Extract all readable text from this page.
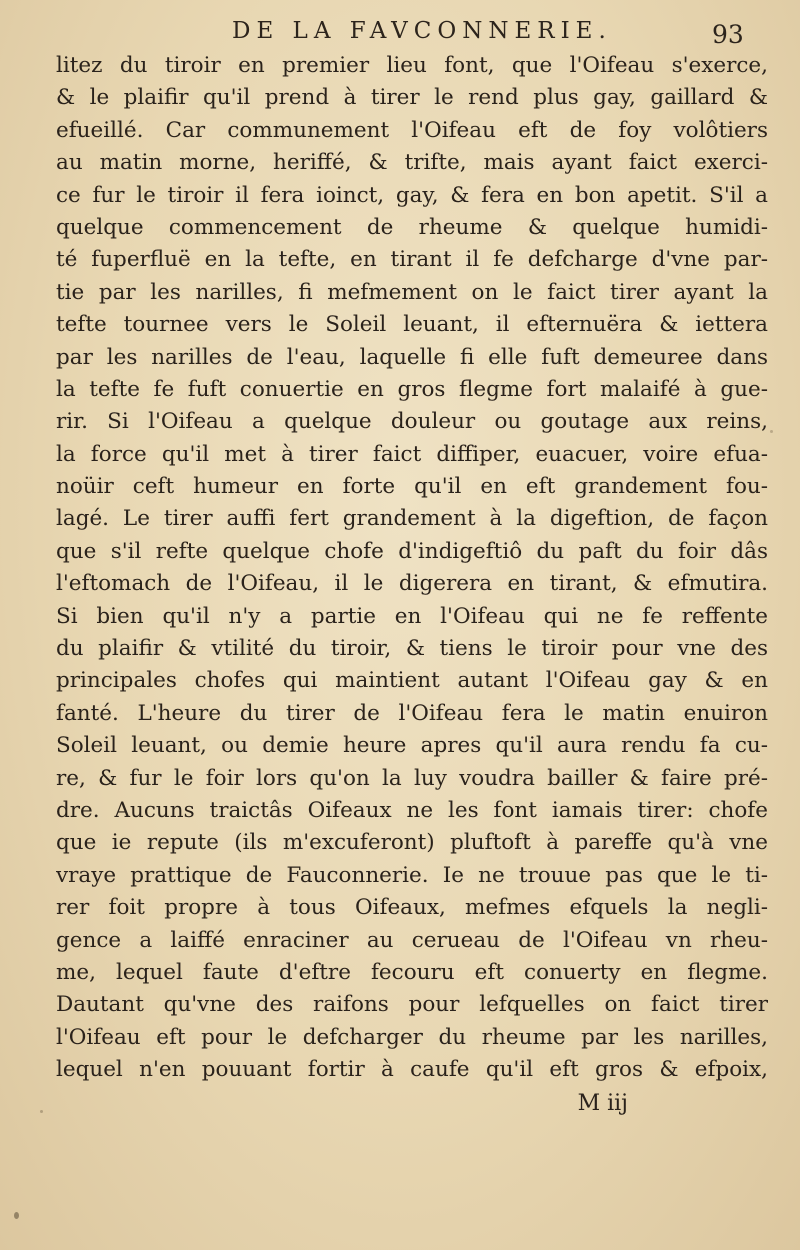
DE LA FAVCONNERIE.	93
litez du tiroir en premier lieu font, que l'Oifeau s'exerce,
& le plaifir qu'il prend à tirer le rend plus gay, gaillard &
efueillé. Car communement l'Oifeau eft de foy volôtiers
au matin morne, heriffé, & trifte, mais ayant faict exerci-
ce fur le tiroir il fera ioinct, gay, & fera en bon apetit. S'il a
quelque commencement de rheume & quelque humidi-
té fuperfluë en la tefte, en tirant il fe defcharge d'vne par-
tie par les narilles, fi mefmement on le faict tirer ayant la
tefte tournee vers le Soleil leuant, il efternuëra & iettera
par les narilles de l'eau, laquelle fi elle fuft demeuree dans
la tefte fe fuft conuertie en gros flegme fort malaifé à gue-
rir. Si l'Oifeau a quelque douleur ou goutage aux reins,
la force qu'il met à tirer faict diffiper, euacuer, voire efua-
noüir ceft humeur en forte qu'il en eft grandement fou-
lagé. Le tirer auffi fert grandement à la digeftion, de façon
que s'il refte quelque chofe d'indigeftiô du paft du foir dâs
l'eftomach de l'Oifeau, il le digerera en tirant, & efmutira.
Si bien qu'il n'y a partie en l'Oifeau qui ne fe reffente
du plaifir & vtilité du tiroir, & tiens le tiroir pour vne des
principales chofes qui maintient autant l'Oifeau gay & en
fanté. L'heure du tirer de l'Oifeau fera le matin enuiron
Soleil leuant, ou demie heure apres qu'il aura rendu fa cu-
re, & fur le foir lors qu'on la luy voudra bailler & faire pré-
dre. Aucuns traictâs Oifeaux ne les font iamais tirer: chofe
que ie repute (ils m'excuferont) pluftoft à pareffe qu'à vne
vraye prattique de Fauconnerie. Ie ne trouue pas que le ti-
rer foit propre à tous Oifeaux, mefmes efquels la negli-
gence a laiffé enraciner au cerueau de l'Oifeau vn rheu-
me, lequel faute d'eftre fecouru eft conuerty en flegme.
Dautant qu'vne des raifons pour lefquelles on faict tirer
l'Oifeau eft pour le defcharger du rheume par les narilles,
lequel n'en pouuant fortir à caufe qu'il eft gros & efpoix,
M iij
